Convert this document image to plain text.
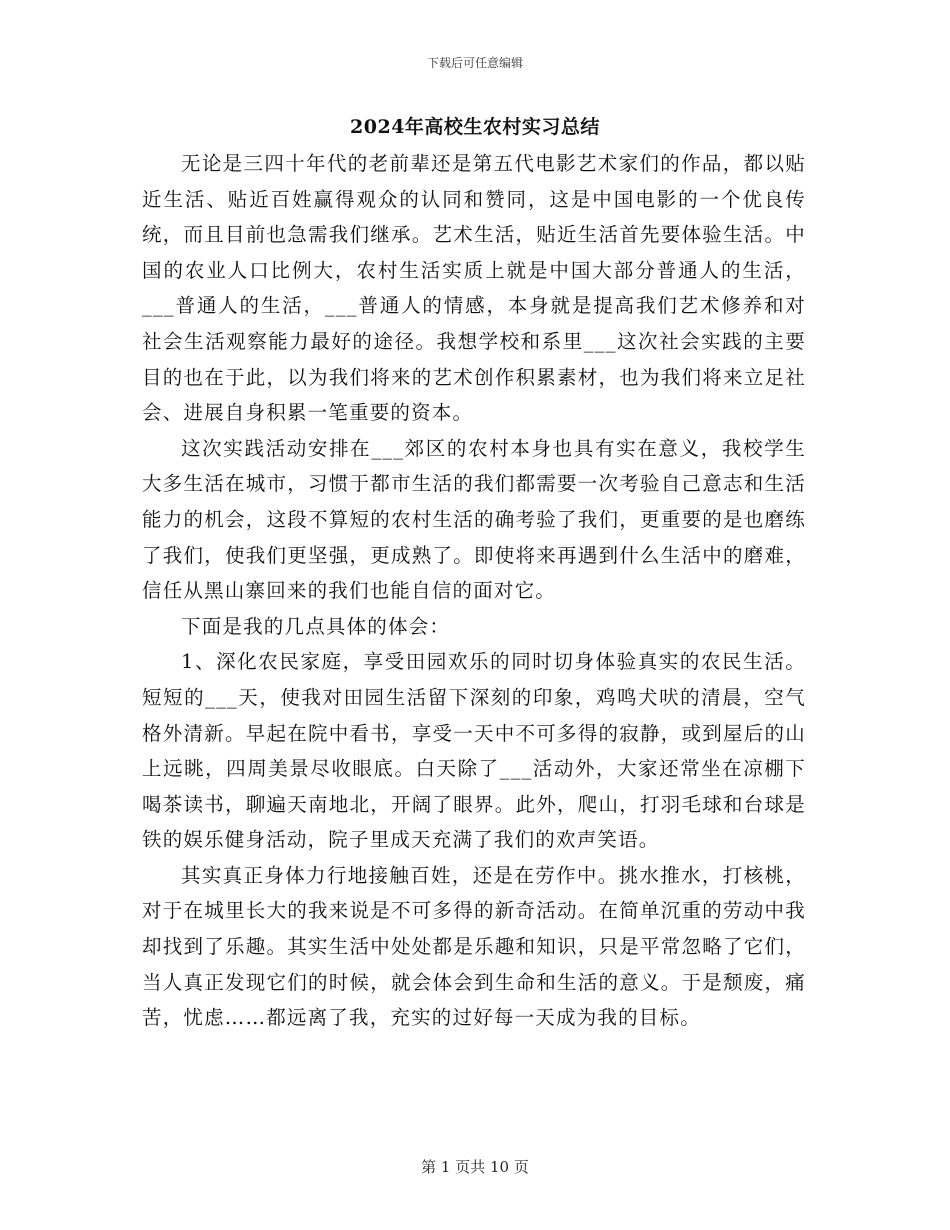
下载后可任意编辑
2024年高校生农村实习总结

无论是三四十年代的老前辈还是第五代电影艺术家们的作品，都以贴近生活、贴近百姓赢得观众的认同和赞同，这是中国电影的一个优良传统，而且目前也急需我们继承。艺术生活，贴近生活首先要体验生活。中国的农业人口比例大，农村生活实质上就是中国大部分普通人的生活，___普通人的生活，___普通人的情感，本身就是提高我们艺术修养和对社会生活观察能力最好的途径。我想学校和系里___这次社会实践的主要目的也在于此，以为我们将来的艺术创作积累素材，也为我们将来立足社会、进展自身积累一笔重要的资本。

这次实践活动安排在___郊区的农村本身也具有实在意义，我校学生大多生活在城市，习惯于都市生活的我们都需要一次考验自己意志和生活能力的机会，这段不算短的农村生活的确考验了我们，更重要的是也磨练了我们，使我们更坚强，更成熟了。即使将来再遇到什么生活中的磨难，信任从黑山寨回来的我们也能自信的面对它。

下面是我的几点具体的体会：

1、深化农民家庭，享受田园欢乐的同时切身体验真实的农民生活。短短的___天，使我对田园生活留下深刻的印象，鸡鸣犬吠的清晨，空气格外清新。早起在院中看书，享受一天中不可多得的寂静，或到屋后的山上远眺，四周美景尽收眼底。白天除了___活动外，大家还常坐在凉棚下喝茶读书，聊遍天南地北，开阔了眼界。此外，爬山，打羽毛球和台球是铁的娱乐健身活动，院子里成天充满了我们的欢声笑语。

其实真正身体力行地接触百姓，还是在劳作中。挑水推水，打核桃，对于在城里长大的我来说是不可多得的新奇活动。在简单沉重的劳动中我却找到了乐趣。其实生活中处处都是乐趣和知识，只是平常忽略了它们，当人真正发现它们的时候，就会体会到生命和生活的意义。于是颓废，痛苦，忧虑……都远离了我，充实的过好每一天成为我的目标。

第 1 页共 10 页
